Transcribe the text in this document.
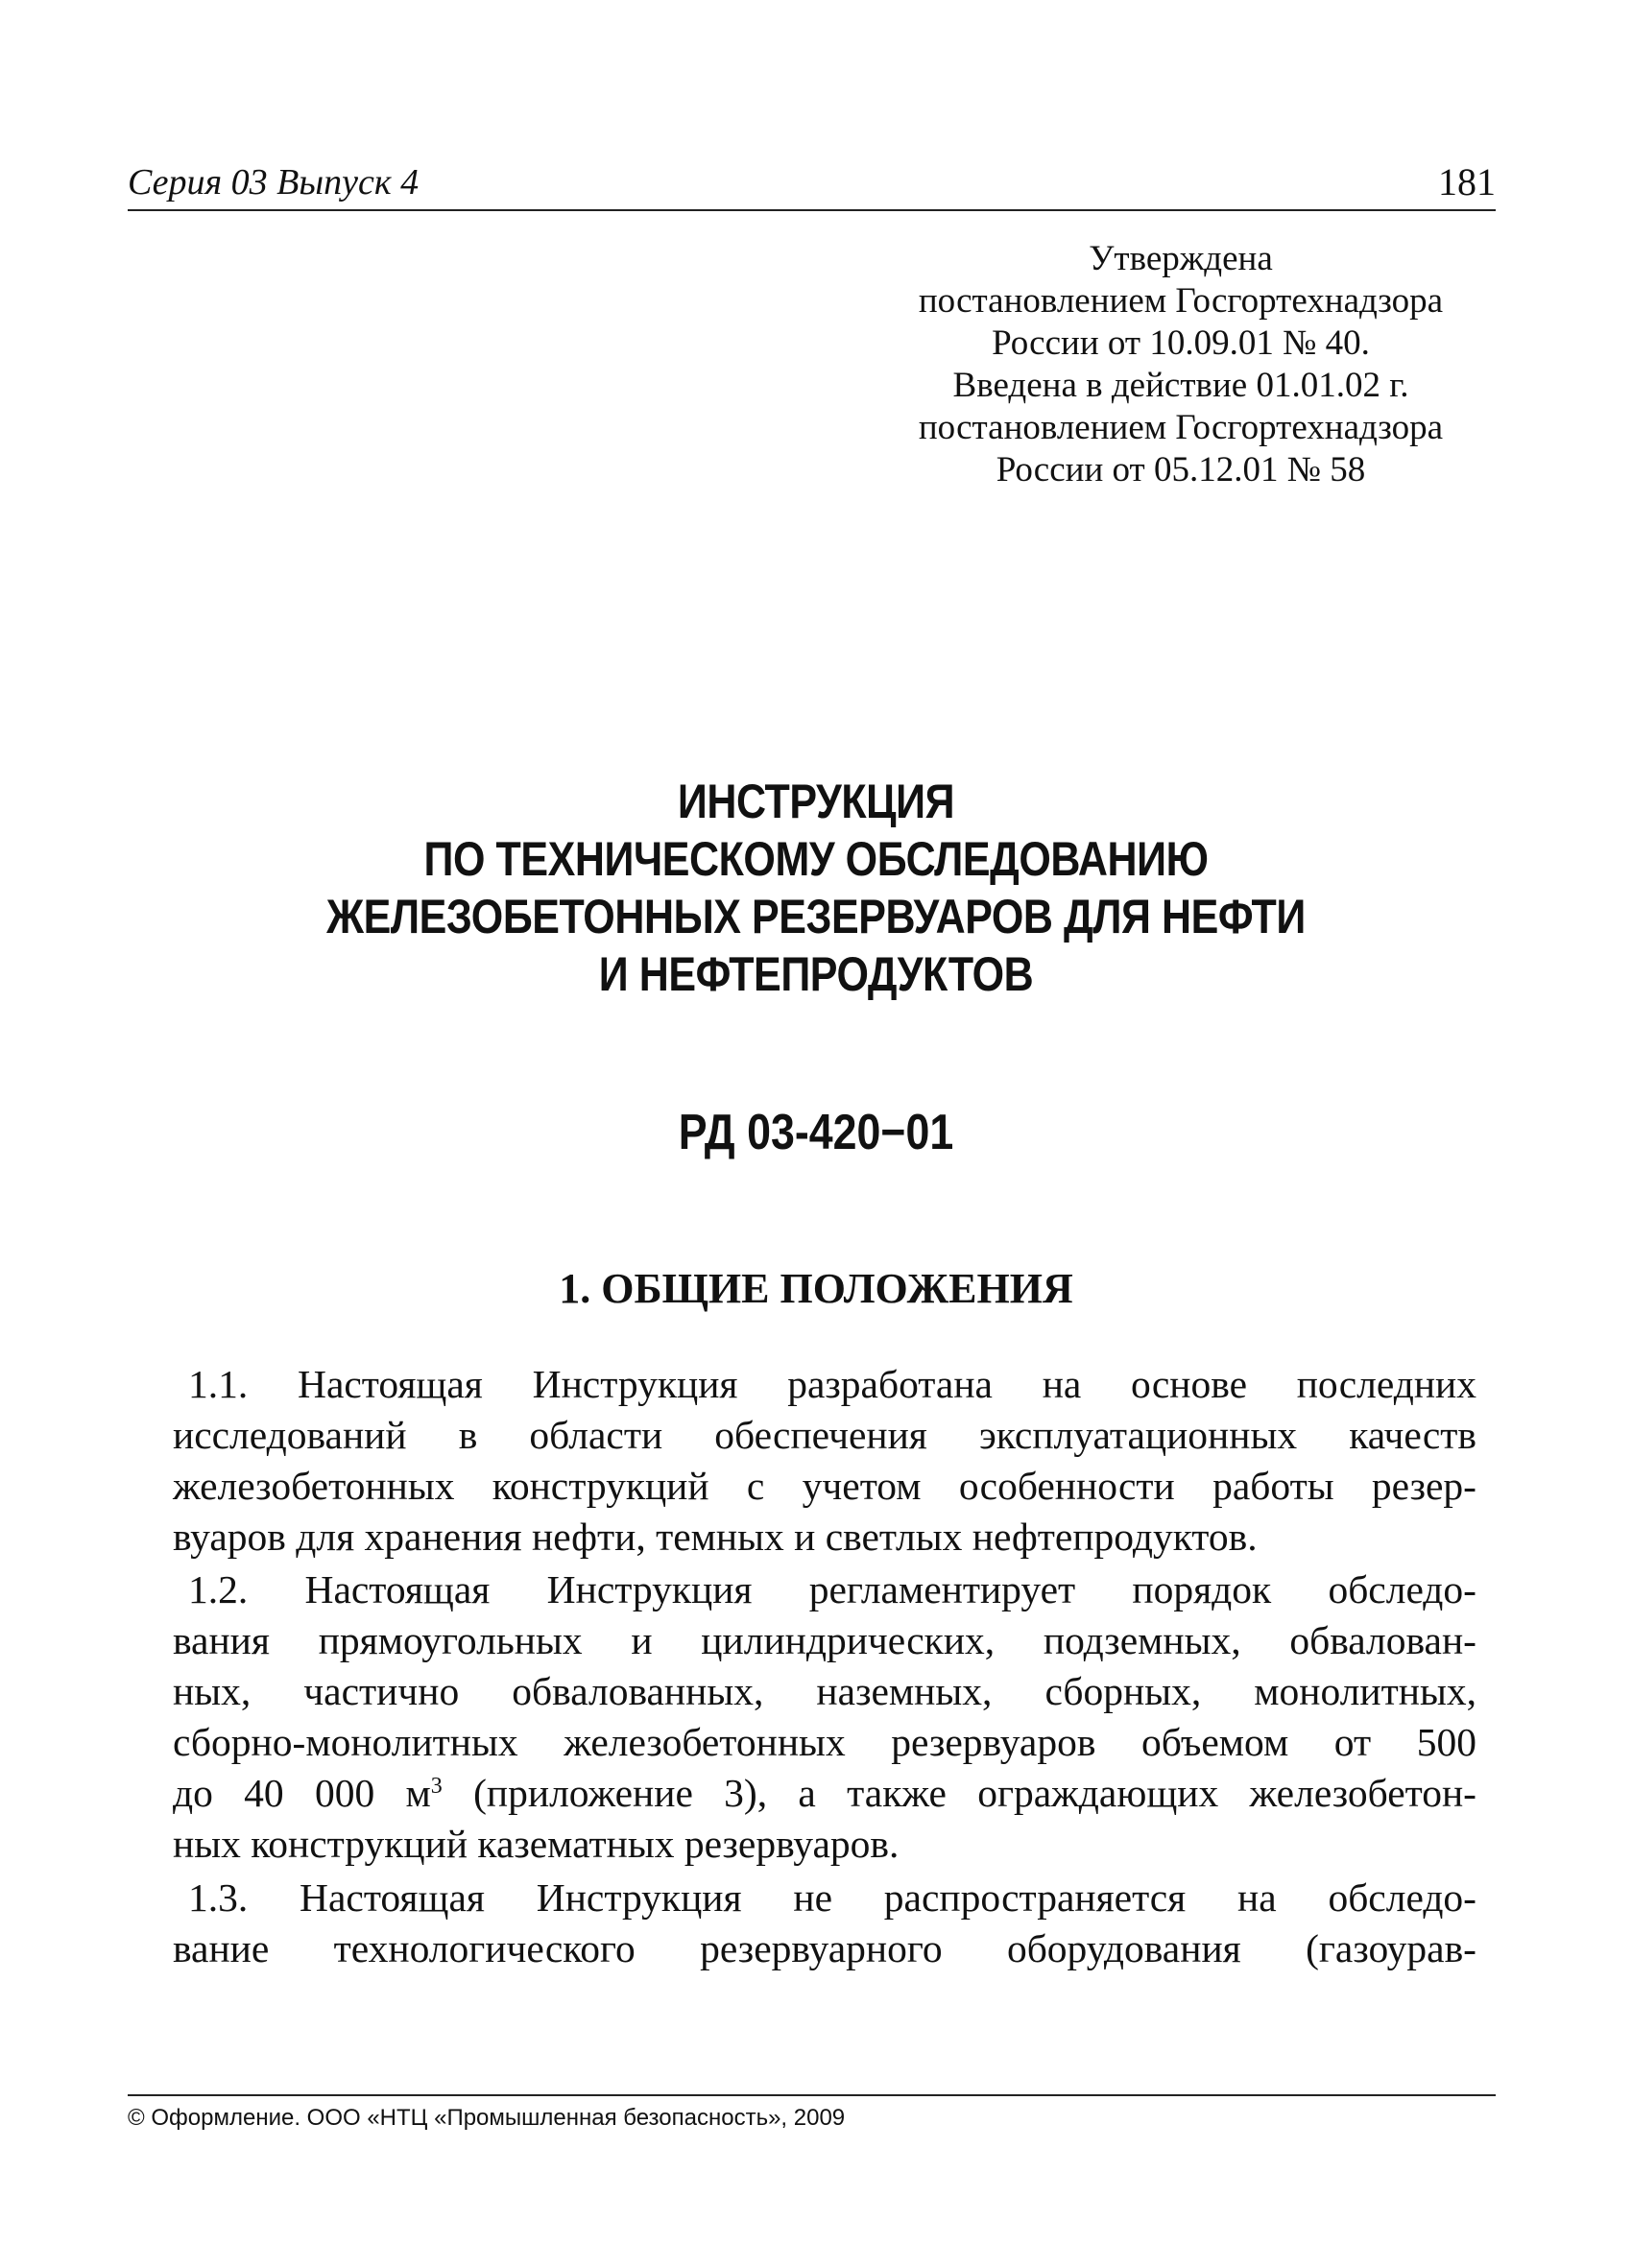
Серия 03 Выпуск 4	181
Утверждена
постановлением Госгортехнадзора
России от 10.09.01 № 40.
Введена в действие 01.01.02 г.
постановлением Госгортехнадзора
России от 05.12.01 № 58
ИНСТРУКЦИЯ
ПО ТЕХНИЧЕСКОМУ ОБСЛЕДОВАНИЮ
ЖЕЛЕЗОБЕТОННЫХ РЕЗЕРВУАРОВ ДЛЯ НЕФТИ
И НЕФТЕПРОДУКТОВ
РД 03-420−01
1. ОБЩИЕ ПОЛОЖЕНИЯ
1.1. Настоящая Инструкция разработана на основе последних
исследований в области обеспечения эксплуатационных качеств
железобетонных конструкций с учетом особенности работы резер-
вуаров для хранения нефти, темных и светлых нефтепродуктов.
1.2. Настоящая Инструкция регламентирует порядок обследо-
вания прямоугольных и цилиндрических, подземных, обвалован-
ных, частично обвалованных, наземных, сборных, монолитных,
сборно-монолитных железобетонных резервуаров объемом от 500
до 40 000 $м^3$ (приложение 3), а также ограждающих железобетон-
ных конструкций казематных резервуаров.
1.3. Настоящая Инструкция не распространяется на обследо-
вание технологического резервуарного оборудования (газоурав-
© Оформление. ООО «НТЦ «Промышленная безопасность», 2009
